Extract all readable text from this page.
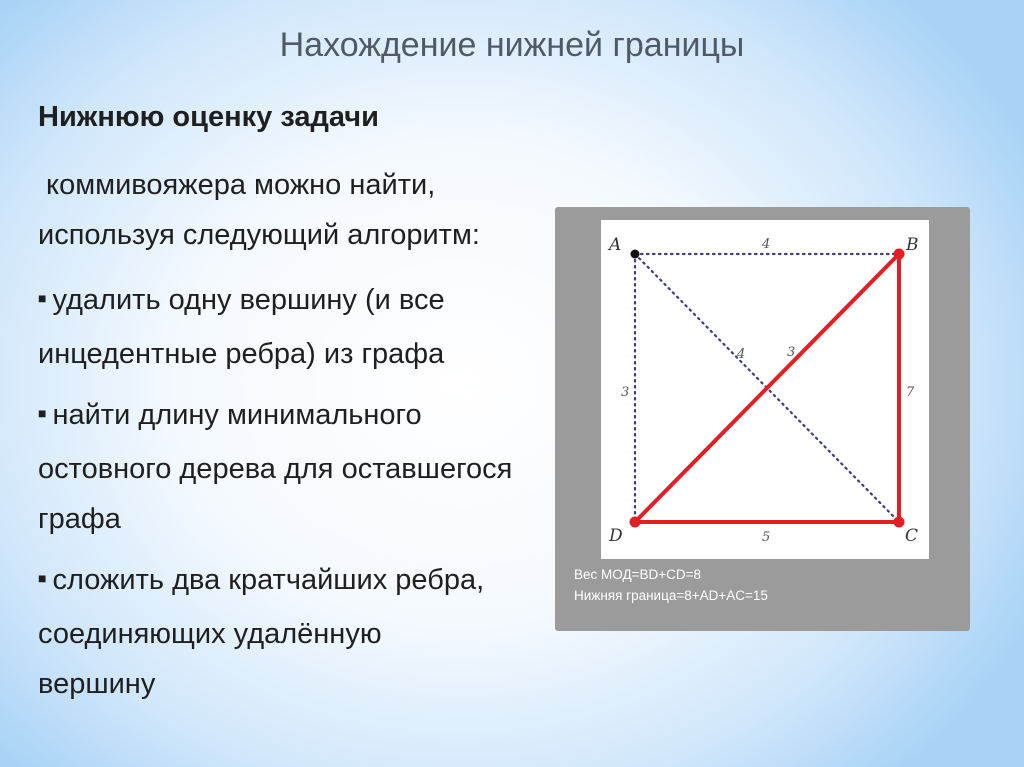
Нахождение нижней границы
Нижнюю оценку задачи
коммивояжера можно найти,
используя следующий алгоритм:
■ удалить одну вершину (и все
инцедентные ребра) из графа
■ найти длину минимального
остовного дерева для оставшегося
графа
■ сложить два кратчайших ребра,
соединяющих удалённую
вершину
A	B
C
D
4
4	3
7
3
5
Вес МОД=BD+CD=8
Нижняя граница=8+AD+AC=15
